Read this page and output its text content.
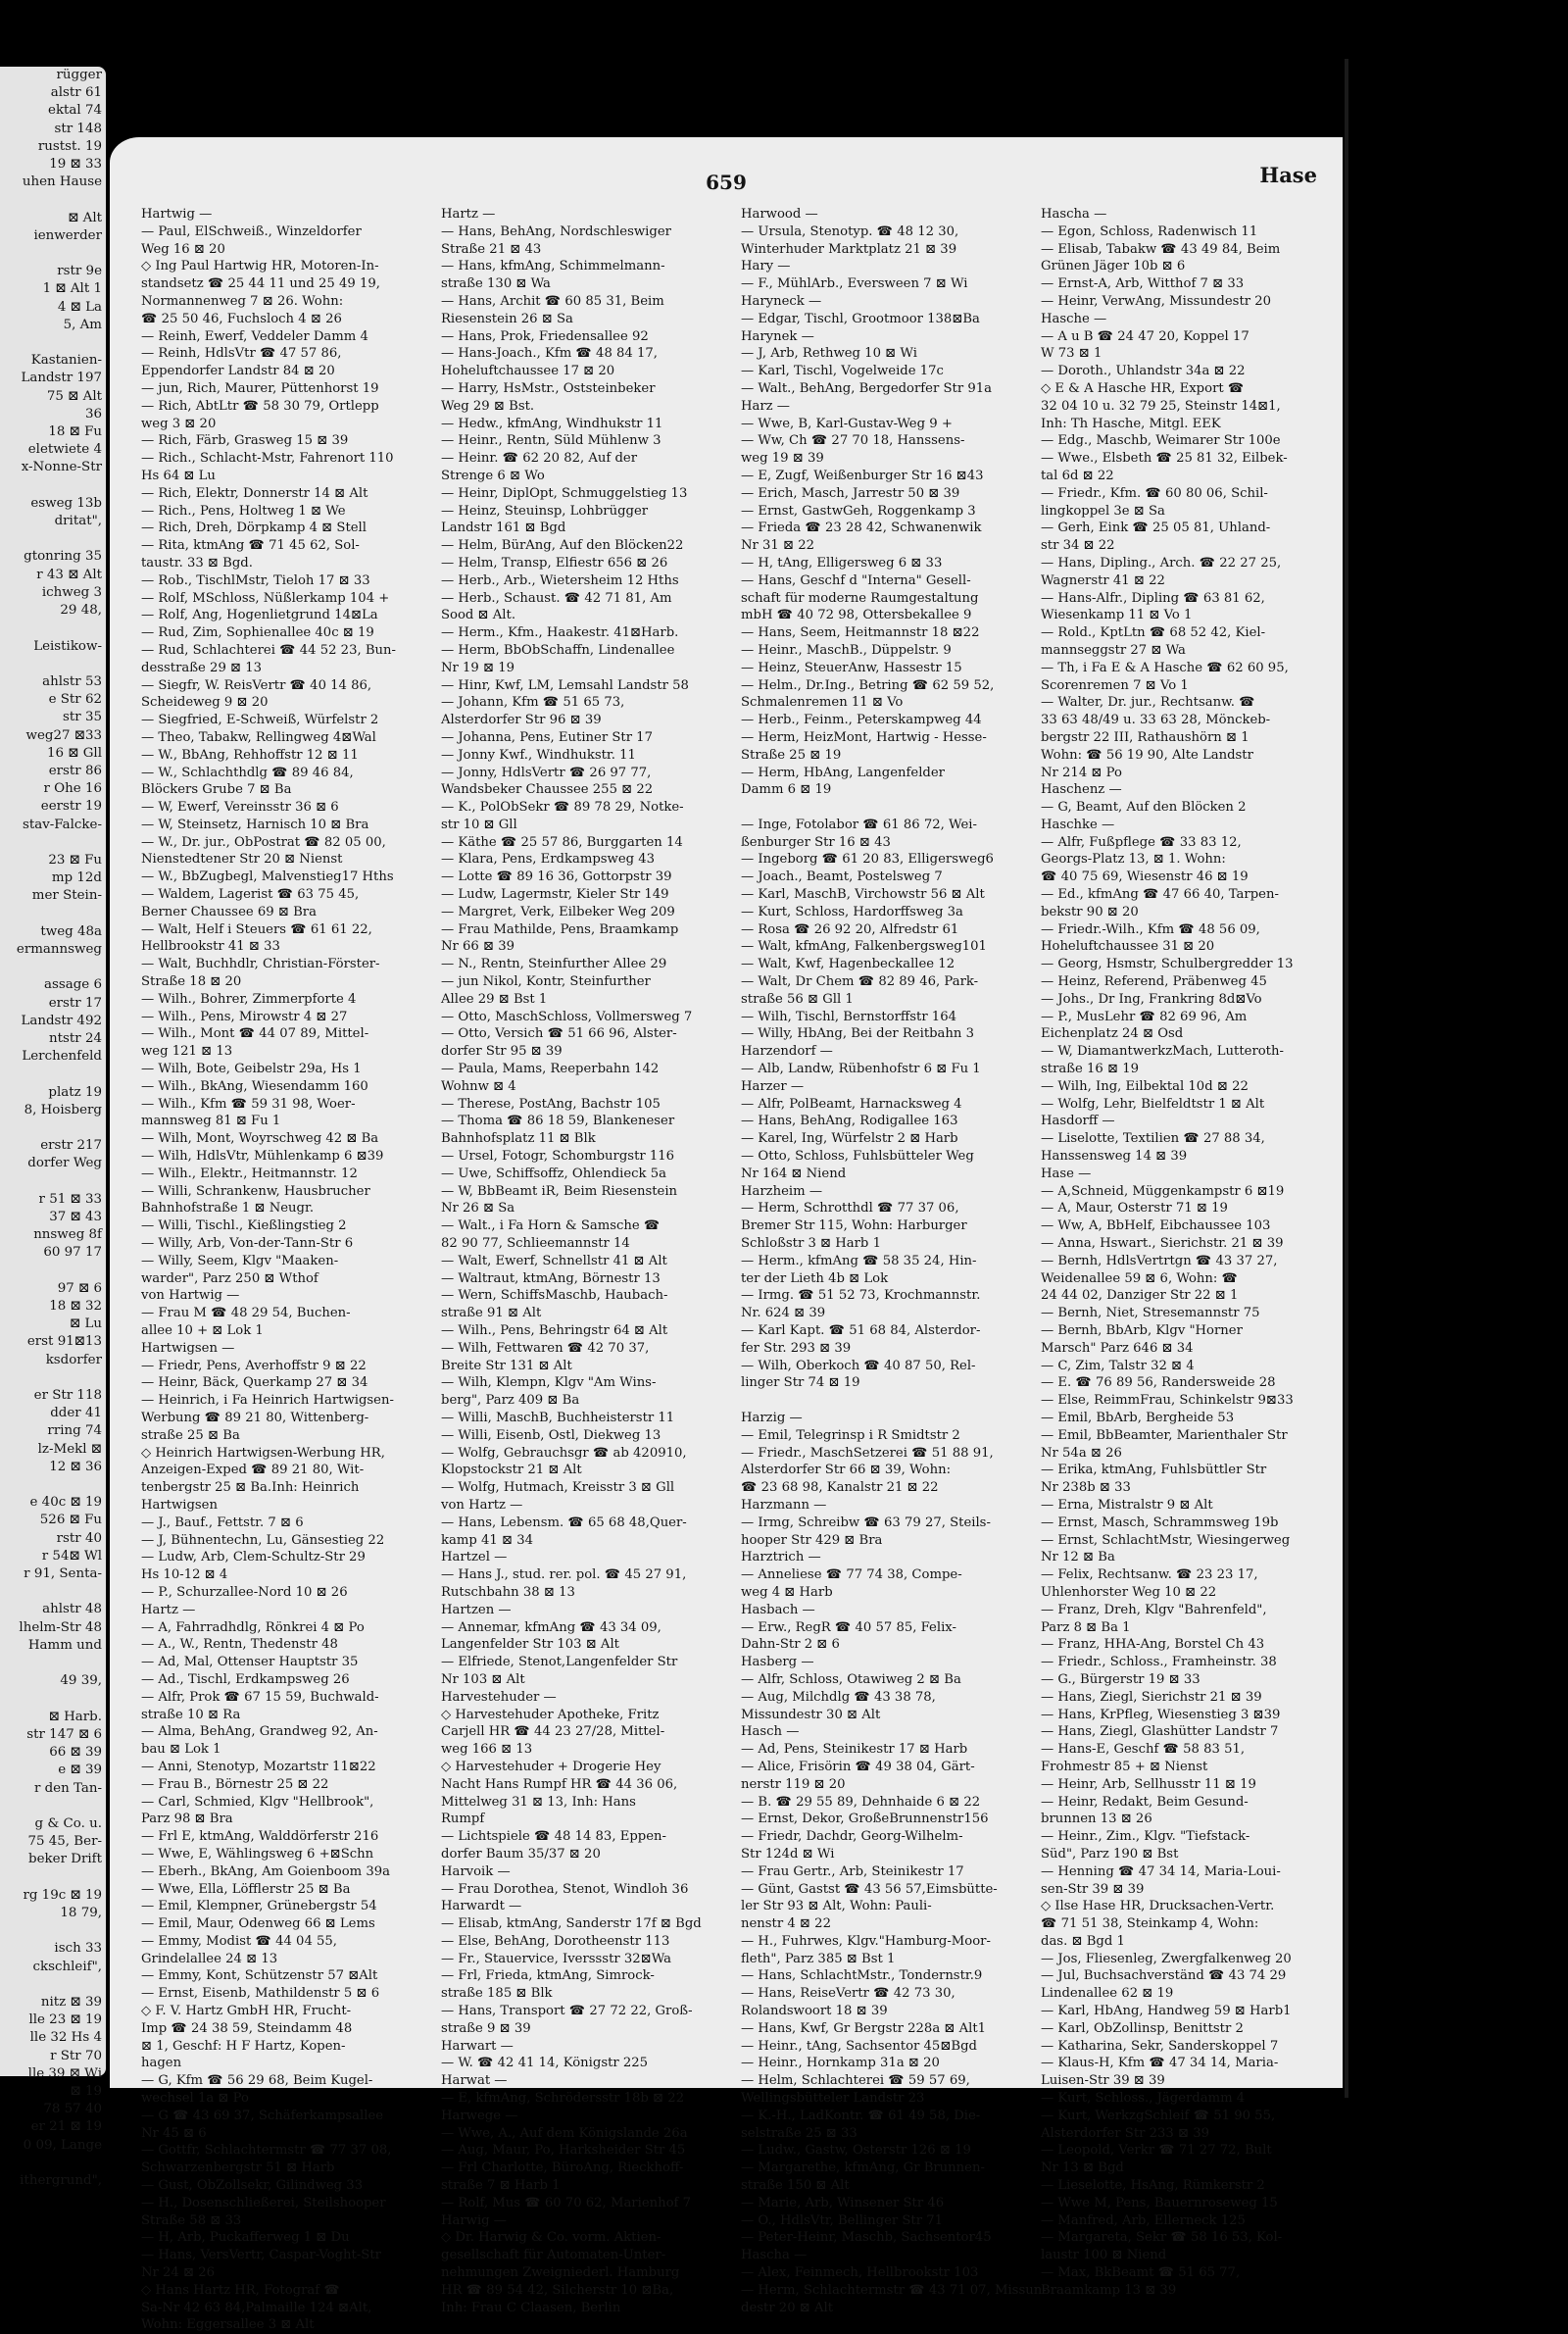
rügger
alstr 61
ektal 74
str 148
rustst. 19
19 ⊠ 33
uhen Hause

⊠ Alt
ienwerder

rstr 9e
1 ⊠ Alt 1
4 ⊠ La
5, Am

Kastanien-
Landstr 197
75 ⊠ Alt
36
18 ⊠ Fu
eletwiete 4
x-Nonne-Str

esweg 13b
dritat",

gtonring 35
r 43 ⊠ Alt
ichweg 3
29 48,

Leistikow-

ahlstr 53
e Str 62
str 35
weg27 ⊠33
16 ⊠ Gll
erstr 86
r Ohe 16
eerstr 19
stav-Falcke-

23 ⊠ Fu
mp 12d
mer Stein-

tweg 48a
ermannsweg

assage 6
erstr 17
Landstr 492
ntstr 24
Lerchenfeld

platz 19
8, Hoisberg

erstr 217
dorfer Weg

r 51 ⊠ 33
37 ⊠ 43
nnsweg 8f
60 97 17

97 ⊠ 6
18 ⊠ 32
⊠ Lu
erst 91⊠13
ksdorfer

er Str 118
dder 41
rring 74
lz-Mekl ⊠
12 ⊠ 36

e 40c ⊠ 19
526 ⊠ Fu
rstr 40
r 54⊠ Wl
r 91, Senta-

ahlstr 48
lhelm-Str 48
Hamm und

49 39,

⊠ Harb.
str 147 ⊠ 6
66 ⊠ 39
e ⊠ 39
r den Tan-

g & Co. u.
75 45, Ber-
beker Drift

rg 19c ⊠ 19
18 79,

isch 33
ckschleif",

nitz ⊠ 39
lle 23 ⊠ 19
lle 32 Hs 4
r Str 70
lle 39 ⊠ Wi
⊠ 19
78 57 40
er 21 ⊠ 19
0 09, Lange

ithergrund",
659	Hase
Hartwig —
— Paul, ElSchweiß., Winzeldorfer
Weg 16 ⊠ 20
◇ Ing Paul Hartwig HR, Motoren-In-
standsetz ☎ 25 44 11 und 25 49 19,
Normannenweg 7 ⊠ 26. Wohn:
☎ 25 50 46, Fuchsloch 4 ⊠ 26
— Reinh, Ewerf, Veddeler Damm 4
— Reinh, HdlsVtr ☎ 47 57 86,
Eppendorfer Landstr 84 ⊠ 20
— jun, Rich, Maurer, Püttenhorst 19
— Rich, AbtLtr ☎ 58 30 79, Ortlepp
weg 3 ⊠ 20
— Rich, Färb, Grasweg 15 ⊠ 39
— Rich., Schlacht-Mstr, Fahrenort 110
Hs 64 ⊠ Lu
— Rich, Elektr, Donnerstr 14 ⊠ Alt
— Rich., Pens, Holtweg 1 ⊠ We
— Rich, Dreh, Dörpkamp 4 ⊠ Stell
— Rita, ktmAng ☎ 71 45 62, Sol-
taustr. 33 ⊠ Bgd.
— Rob., TischlMstr, Tieloh 17 ⊠ 33
— Rolf, MSchloss, Nüßlerkamp 104 +
— Rolf, Ang, Hogenlietgrund 14⊠La
— Rud, Zim, Sophienallee 40c ⊠ 19
— Rud, Schlachterei ☎ 44 52 23, Bun-
desstraße 29 ⊠ 13
— Siegfr, W. ReisVertr ☎ 40 14 86,
Scheideweg 9 ⊠ 20
— Siegfried, E-Schweiß, Würfelstr 2
— Theo, Tabakw, Rellingweg 4⊠Wal
— W., BbAng, Rehhoffstr 12 ⊠ 11
— W., Schlachthdlg ☎ 89 46 84,
Blöckers Grube 7 ⊠ Ba
— W, Ewerf, Vereinsstr 36 ⊠ 6
— W, Steinsetz, Harnisch 10 ⊠ Bra
— W., Dr. jur., ObPostrat ☎ 82 05 00,
Nienstedtener Str 20 ⊠ Nienst
— W., BbZugbegl, Malvenstieg17 Hths
— Waldem, Lagerist ☎ 63 75 45,
Berner Chaussee 69 ⊠ Bra
— Walt, Helf i Steuers ☎ 61 61 22,
Hellbrookstr 41 ⊠ 33
— Walt, Buchhdlr, Christian-Förster-
Straße 18 ⊠ 20
— Wilh., Bohrer, Zimmerpforte 4
— Wilh., Pens, Mirowstr 4 ⊠ 27
— Wilh., Mont ☎ 44 07 89, Mittel-
weg 121 ⊠ 13
— Wilh, Bote, Geibelstr 29a, Hs 1
— Wilh., BkAng, Wiesendamm 160
— Wilh., Kfm ☎ 59 31 98, Woer-
mannsweg 81 ⊠ Fu 1
— Wilh, Mont, Woyrschweg 42 ⊠ Ba
— Wilh, HdlsVtr, Mühlenkamp 6 ⊠39
— Wilh., Elektr., Heitmannstr. 12
— Willi, Schrankenw, Hausbrucher
Bahnhofstraße 1 ⊠ Neugr.
— Willi, Tischl., Kießlingstieg 2
— Willy, Arb, Von-der-Tann-Str 6
— Willy, Seem, Klgv "Maaken-
warder", Parz 250 ⊠ Wthof
von Hartwig —
— Frau M ☎ 48 29 54, Buchen-
allee 10 + ⊠ Lok 1
Hartwigsen —
— Friedr, Pens, Averhoffstr 9 ⊠ 22
— Heinr, Bäck, Querkamp 27 ⊠ 34
— Heinrich, i Fa Heinrich Hartwigsen-
Werbung ☎ 89 21 80, Wittenberg-
straße 25 ⊠ Ba
◇ Heinrich Hartwigsen-Werbung HR,
Anzeigen-Exped ☎ 89 21 80, Wit-
tenbergstr 25 ⊠ Ba.Inh: Heinrich
Hartwigsen
— J., Bauf., Fettstr. 7 ⊠ 6
— J, Bühnentechn, Lu, Gänsestieg 22
— Ludw, Arb, Clem-Schultz-Str 29
Hs 10-12 ⊠ 4
— P., Schurzallee-Nord 10 ⊠ 26
Hartz —
— A, Fahrradhdlg, Rönkrei 4 ⊠ Po
— A., W., Rentn, Thedenstr 48
— Ad, Mal, Ottenser Hauptstr 35
— Ad., Tischl, Erdkampsweg 26
— Alfr, Prok ☎ 67 15 59, Buchwald-
straße 10 ⊠ Ra
— Alma, BehAng, Grandweg 92, An-
bau ⊠ Lok 1
— Anni, Stenotyp, Mozartstr 11⊠22
— Frau B., Börnestr 25 ⊠ 22
— Carl, Schmied, Klgv "Hellbrook",
Parz 98 ⊠ Bra
— Frl E, ktmAng, Walddörferstr 216
— Wwe, E, Wählingsweg 6 +⊠Schn
— Eberh., BkAng, Am Goienboom 39a
— Wwe, Ella, Löfflerstr 25 ⊠ Ba
— Emil, Klempner, Grünebergstr 54
— Emil, Maur, Odenweg 66 ⊠ Lems
— Emmy, Modist ☎ 44 04 55,
Grindelallee 24 ⊠ 13
— Emmy, Kont, Schützenstr 57 ⊠Alt
— Ernst, Eisenb, Mathildenstr 5 ⊠ 6
◇ F. V. Hartz GmbH HR, Frucht-
Imp ☎ 24 38 59, Steindamm 48
⊠ 1, Geschf: H F Hartz, Kopen-
hagen
— G, Kfm ☎ 56 29 68, Beim Kugel-
wechsel 1a ⊠ Po
— G ☎ 43 69 37, Schäferkampsallee
Nr 45 ⊠ 6
— Gottfr, Schlachtermstr ☎ 77 37 08,
Schwarzenbergstr 51 ⊠ Harb
— Gust, ObZollsekr, Gilindweg 33
— H., Dosenschließerei, Steilshooper
Straße 58 ⊠ 33
— H, Arb, Puckafferweg 1 ⊠ Du
— Hans, VersVertr, Caspar-Voght-Str
Nr 24 ⊠ 26
◇ Hans Hartz HR, Fotograf ☎
Sa-Nr 42 63 84,Palmaille 124 ⊠Alt,
Wohn: Eggersallee 3 ⊠ Alt
Hartz —
— Hans, BehAng, Nordschleswiger
Straße 21 ⊠ 43
— Hans, kfmAng, Schimmelmann-
straße 130 ⊠ Wa
— Hans, Archit ☎ 60 85 31, Beim
Riesenstein 26 ⊠ Sa
— Hans, Prok, Friedensallee 92
— Hans-Joach., Kfm ☎ 48 84 17,
Hoheluftchaussee 17 ⊠ 20
— Harry, HsMstr., Oststeinbeker
Weg 29 ⊠ Bst.
— Hedw., kfmAng, Windhukstr 11
— Heinr., Rentn, Süld Mühlenw 3
— Heinr. ☎ 62 20 82, Auf der
Strenge 6 ⊠ Wo
— Heinr, DiplOpt, Schmuggelstieg 13
— Heinz, Steuinsp, Lohbrügger
Landstr 161 ⊠ Bgd
— Helm, BürAng, Auf den Blöcken22
— Helm, Transp, Elfiestr 656 ⊠ 26
— Herb., Arb., Wietersheim 12 Hths
— Herb., Schaust. ☎ 42 71 81, Am
Sood ⊠ Alt.
— Herm., Kfm., Haakestr. 41⊠Harb.
— Herm, BbObSchaffn, Lindenallee
Nr 19 ⊠ 19
— Hinr, Kwf, LM, Lemsahl Landstr 58
— Johann, Kfm ☎ 51 65 73,
Alsterdorfer Str 96 ⊠ 39
— Johanna, Pens, Eutiner Str 17
— Jonny Kwf., Windhukstr. 11
— Jonny, HdlsVertr ☎ 26 97 77,
Wandsbeker Chaussee 255 ⊠ 22
— K., PolObSekr ☎ 89 78 29, Notke-
str 10 ⊠ Gll
— Käthe ☎ 25 57 86, Burggarten 14
— Klara, Pens, Erdkampsweg 43
— Lotte ☎ 89 16 36, Gottorpstr 39
— Ludw, Lagermstr, Kieler Str 149
— Margret, Verk, Eilbeker Weg 209
— Frau Mathilde, Pens, Braamkamp
Nr 66 ⊠ 39
— N., Rentn, Steinfurther Allee 29
— jun Nikol, Kontr, Steinfurther
Allee 29 ⊠ Bst 1
— Otto, MaschSchloss, Vollmersweg 7
— Otto, Versich ☎ 51 66 96, Alster-
dorfer Str 95 ⊠ 39
— Paula, Mams, Reeperbahn 142
Wohnw ⊠ 4
— Therese, PostAng, Bachstr 105
— Thoma ☎ 86 18 59, Blankeneser
Bahnhofsplatz 11 ⊠ Blk
— Ursel, Fotogr, Schomburgstr 116
— Uwe, Schiffsoffz, Ohlendieck 5a
— W, BbBeamt iR, Beim Riesenstein
Nr 26 ⊠ Sa
— Walt., i Fa Horn & Samsche ☎
82 90 77, Schlieemannstr 14
— Walt, Ewerf, Schnellstr 41 ⊠ Alt
— Waltraut, ktmAng, Börnestr 13
— Wern, SchiffsMaschb, Haubach-
straße 91 ⊠ Alt
— Wilh., Pens, Behringstr 64 ⊠ Alt
— Wilh, Fettwaren ☎ 42 70 37,
Breite Str 131 ⊠ Alt
— Wilh, Klempn, Klgv "Am Wins-
berg", Parz 409 ⊠ Ba
— Willi, MaschB, Buchheisterstr 11
— Willi, Eisenb, Ostl, Diekweg 13
— Wolfg, Gebrauchsgr ☎ ab 420910,
Klopstockstr 21 ⊠ Alt
— Wolfg, Hutmach, Kreisstr 3 ⊠ Gll
von Hartz —
— Hans, Lebensm. ☎ 65 68 48,Quer-
kamp 41 ⊠ 34
Hartzel —
— Hans J., stud. rer. pol. ☎ 45 27 91,
Rutschbahn 38 ⊠ 13
Hartzen —
— Annemar, kfmAng ☎ 43 34 09,
Langenfelder Str 103 ⊠ Alt
— Elfriede, Stenot,Langenfelder Str
Nr 103 ⊠ Alt
Harvestehuder —
◇ Harvestehuder Apotheke, Fritz
Carjell HR ☎ 44 23 27/28, Mittel-
weg 166 ⊠ 13
◇ Harvestehuder + Drogerie Hey
Nacht Hans Rumpf HR ☎ 44 36 06,
Mittelweg 31 ⊠ 13, Inh: Hans
Rumpf
— Lichtspiele ☎ 48 14 83, Eppen-
dorfer Baum 35/37 ⊠ 20
Harvoik —
— Frau Dorothea, Stenot, Windloh 36
Harwardt —
— Elisab, ktmAng, Sanderstr 17f ⊠ Bgd
— Else, BehAng, Dorotheenstr 113
— Fr., Stauervice, Iverssstr 32⊠Wa
— Frl, Frieda, ktmAng, Simrock-
straße 185 ⊠ Blk
— Hans, Transport ☎ 27 72 22, Groß-
straße 9 ⊠ 39
Harwart —
— W. ☎ 42 41 14, Königstr 225
Harwat —
— E, kfmAng, Schrödersstr 18b ⊠ 22
Harwege —
— Wwe, A., Auf dem Königslande 26a
— Aug, Maur, Po, Harksheider Str 45
— Frl Charlotte, BüroAng, Rieckhoff-
straße 7 ⊠ Harb 1
— Rolf, Mus ☎ 60 70 62, Marienhof 7
Harwig —
◇ Dr. Harwig & Co. vorm. Aktien-
gesellschaft für Automaten-Unter-
nehmungen Zweigniederl. Hamburg
HR ☎ 89 54 42, Silcherstr 10 ⊠Ba,
Inh: Frau C Claasen, Berlin
Harwood —
— Ursula, Stenotyp. ☎ 48 12 30,
Winterhuder Marktplatz 21 ⊠ 39
Hary —
— F., MühlArb., Eversween 7 ⊠ Wi
Haryneck —
— Edgar, Tischl, Grootmoor 138⊠Ba
Harynek —
— J, Arb, Rethweg 10 ⊠ Wi
— Karl, Tischl, Vogelweide 17c
— Walt., BehAng, Bergedorfer Str 91a
Harz —
— Wwe, B, Karl-Gustav-Weg 9 +
— Ww, Ch ☎ 27 70 18, Hanssens-
weg 19 ⊠ 39
— E, Zugf, Weißenburger Str 16 ⊠43
— Erich, Masch, Jarrestr 50 ⊠ 39
— Ernst, GastwGeh, Roggenkamp 3
— Frieda ☎ 23 28 42, Schwanenwik
Nr 31 ⊠ 22
— H, tAng, Elligersweg 6 ⊠ 33
— Hans, Geschf d "Interna" Gesell-
schaft für moderne Raumgestaltung
mbH ☎ 40 72 98, Ottersbekallee 9
— Hans, Seem, Heitmannstr 18 ⊠22
— Heinr., MaschB., Düppelstr. 9
— Heinz, SteuerAnw, Hassestr 15
— Helm., Dr.Ing., Betring ☎ 62 59 52,
Schmalenremen 11 ⊠ Vo
— Herb., Feinm., Peterskampweg 44
— Herm, HeizMont, Hartwig - Hesse-
Straße 25 ⊠ 19
— Herm, HbAng, Langenfelder
Damm 6 ⊠ 19

— Inge, Fotolabor ☎ 61 86 72, Wei-
ßenburger Str 16 ⊠ 43
— Ingeborg ☎ 61 20 83, Elligersweg6
— Joach., Beamt, Postelsweg 7
— Karl, MaschB, Virchowstr 56 ⊠ Alt
— Kurt, Schloss, Hardorffsweg 3a
— Rosa ☎ 26 92 20, Alfredstr 61
— Walt, kfmAng, Falkenbergsweg101
— Walt, Kwf, Hagenbeckallee 12
— Walt, Dr Chem ☎ 82 89 46, Park-
straße 56 ⊠ Gll 1
— Wilh, Tischl, Bernstorffstr 164
— Willy, HbAng, Bei der Reitbahn 3
Harzendorf —
— Alb, Landw, Rübenhofstr 6 ⊠ Fu 1
Harzer —
— Alfr, PolBeamt, Harnacksweg 4
— Hans, BehAng, Rodigallee 163
— Karel, Ing, Würfelstr 2 ⊠ Harb
— Otto, Schloss, Fuhlsbütteler Weg
Nr 164 ⊠ Niend
Harzheim —
— Herm, Schrotthdl ☎ 77 37 06,
Bremer Str 115, Wohn: Harburger
Schloßstr 3 ⊠ Harb 1
— Herm., kfmAng ☎ 58 35 24, Hin-
ter der Lieth 4b ⊠ Lok
— Irmg. ☎ 51 52 73, Krochmannstr.
Nr. 624 ⊠ 39
— Karl Kapt. ☎ 51 68 84, Alsterdor-
fer Str. 293 ⊠ 39
— Wilh, Oberkoch ☎ 40 87 50, Rel-
linger Str 74 ⊠ 19

Harzig —
— Emil, Telegrinsp i R Smidtstr 2
— Friedr., MaschSetzerei ☎ 51 88 91,
Alsterdorfer Str 66 ⊠ 39, Wohn:
☎ 23 68 98, Kanalstr 21 ⊠ 22
Harzmann —
— Irmg, Schreibw ☎ 63 79 27, Steils-
hooper Str 429 ⊠ Bra
Harztrich —
— Anneliese ☎ 77 74 38, Compe-
weg 4 ⊠ Harb
Hasbach —
— Erw., RegR ☎ 40 57 85, Felix-
Dahn-Str 2 ⊠ 6
Hasberg —
— Alfr, Schloss, Otawiweg 2 ⊠ Ba
— Aug, Milchdlg ☎ 43 38 78,
Missundestr 30 ⊠ Alt
Hasch —
— Ad, Pens, Steinikestr 17 ⊠ Harb
— Alice, Frisörin ☎ 49 38 04, Gärt-
nerstr 119 ⊠ 20
— B. ☎ 29 55 89, Dehnhaide 6 ⊠ 22
— Ernst, Dekor, GroßeBrunnenstr156
— Friedr, Dachdr, Georg-Wilhelm-
Str 124d ⊠ Wi
— Frau Gertr., Arb, Steinikestr 17
— Günt, Gastst ☎ 43 56 57,Eimsbütte-
ler Str 93 ⊠ Alt, Wohn: Pauli-
nenstr 4 ⊠ 22
— H., Fuhrwes, Klgv."Hamburg-Moor-
fleth", Parz 385 ⊠ Bst 1
— Hans, SchlachtMstr., Tondernstr.9
— Hans, ReiseVertr ☎ 42 73 30,
Rolandswoort 18 ⊠ 39
— Hans, Kwf, Gr Bergstr 228a ⊠ Alt1
— Heinr., tAng, Sachsentor 45⊠Bgd
— Heinr., Hornkamp 31a ⊠ 20
— Helm, Schlachterei ☎ 59 57 69,
Wellingsbütteler Landstr 23
— K.-H., LadKontr. ☎ 61 49 58, Die-
selstraße 25 ⊠ 33
— Ludw., Gastw, Osterstr 126 ⊠ 19
— Margarethe, kfmAng, Gr Brunnen-
straße 150 ⊠ Alt
— Marie, Arb, Winsener Str 46
— O., HdlsVtr, Bellinger Str 71
— Peter-Heinr, Maschb, Sachsentor45
Hascha —
— Alex, Feinmech, Hellbrookstr 103
— Herm, Schlachtermstr ☎ 43 71 07, Missun-
destr 20 ⊠ Alt
Hascha —
— Egon, Schloss, Radenwisch 11
— Elisab, Tabakw ☎ 43 49 84, Beim
Grünen Jäger 10b ⊠ 6
— Ernst-A, Arb, Witthof 7 ⊠ 33
— Heinr, VerwAng, Missundestr 20
Hasche —
— A u B ☎ 24 47 20, Koppel 17
W 73 ⊠ 1
— Doroth., Uhlandstr 34a ⊠ 22
◇ E & A Hasche HR, Export ☎
32 04 10 u. 32 79 25, Steinstr 14⊠1,
Inh: Th Hasche, Mitgl. EEK
— Edg., Maschb, Weimarer Str 100e
— Wwe., Elsbeth ☎ 25 81 32, Eilbek-
tal 6d ⊠ 22
— Friedr., Kfm. ☎ 60 80 06, Schil-
lingkoppel 3e ⊠ Sa
— Gerh, Eink ☎ 25 05 81, Uhland-
str 34 ⊠ 22
— Hans, Dipling., Arch. ☎ 22 27 25,
Wagnerstr 41 ⊠ 22
— Hans-Alfr., Dipling ☎ 63 81 62,
Wiesenkamp 11 ⊠ Vo 1
— Rold., KptLtn ☎ 68 52 42, Kiel-
mannseggstr 27 ⊠ Wa
— Th, i Fa E & A Hasche ☎ 62 60 95,
Scorenremen 7 ⊠ Vo 1
— Walter, Dr. jur., Rechtsanw. ☎
33 63 48/49 u. 33 63 28, Mönckeb-
bergstr 22 III, Rathaushörn ⊠ 1
Wohn: ☎ 56 19 90, Alte Landstr
Nr 214 ⊠ Po
Haschenz —
— G, Beamt, Auf den Blöcken 2
Haschke —
— Alfr, Fußpflege ☎ 33 83 12,
Georgs-Platz 13, ⊠ 1. Wohn:
☎ 40 75 69, Wiesenstr 46 ⊠ 19
— Ed., kfmAng ☎ 47 66 40, Tarpen-
bekstr 90 ⊠ 20
— Friedr.-Wilh., Kfm ☎ 48 56 09,
Hoheluftchaussee 31 ⊠ 20
— Georg, Hsmstr, Schulbergredder 13
— Heinz, Referend, Präbenweg 45
— Johs., Dr Ing, Frankring 8d⊠Vo
— P., MusLehr ☎ 82 69 96, Am
Eichenplatz 24 ⊠ Osd
— W, DiamantwerkzMach, Lutteroth-
straße 16 ⊠ 19
— Wilh, Ing, Eilbektal 10d ⊠ 22
— Wolfg, Lehr, Bielfeldtstr 1 ⊠ Alt
Hasdorff —
— Liselotte, Textilien ☎ 27 88 34,
Hanssensweg 14 ⊠ 39
Hase —
— A,Schneid, Müggenkampstr 6 ⊠19
— A, Maur, Osterstr 71 ⊠ 19
— Ww, A, BbHelf, Eibchaussee 103
— Anna, Hswart., Sierichstr. 21 ⊠ 39
— Bernh, HdlsVertrtgn ☎ 43 37 27,
Weidenallee 59 ⊠ 6, Wohn: ☎
24 44 02, Danziger Str 22 ⊠ 1
— Bernh, Niet, Stresemannstr 75
— Bernh, BbArb, Klgv "Horner
Marsch" Parz 646 ⊠ 34
— C, Zim, Talstr 32 ⊠ 4
— E. ☎ 76 89 56, Randersweide 28
— Else, ReimmFrau, Schinkelstr 9⊠33
— Emil, BbArb, Bergheide 53
— Emil, BbBeamter, Marienthaler Str
Nr 54a ⊠ 26
— Erika, ktmAng, Fuhlsbüttler Str
Nr 238b ⊠ 33
— Erna, Mistralstr 9 ⊠ Alt
— Ernst, Masch, Schrammsweg 19b
— Ernst, SchlachtMstr, Wiesingerweg
Nr 12 ⊠ Ba
— Felix, Rechtsanw. ☎ 23 23 17,
Uhlenhorster Weg 10 ⊠ 22
— Franz, Dreh, Klgv "Bahrenfeld",
Parz 8 ⊠ Ba 1
— Franz, HHA-Ang, Borstel Ch 43
— Friedr., Schloss., Framheinstr. 38
— G., Bürgerstr 19 ⊠ 33
— Hans, Ziegl, Sierichstr 21 ⊠ 39
— Hans, KrPfleg, Wiesenstieg 3 ⊠39
— Hans, Ziegl, Glashütter Landstr 7
— Hans-E, Geschf ☎ 58 83 51,
Frohmestr 85 + ⊠ Nienst
— Heinr, Arb, Sellhusstr 11 ⊠ 19
— Heinr, Redakt, Beim Gesund-
brunnen 13 ⊠ 26
— Heinr., Zim., Klgv. "Tiefstack-
Süd", Parz 190 ⊠ Bst
— Henning ☎ 47 34 14, Maria-Loui-
sen-Str 39 ⊠ 39
◇ Ilse Hase HR, Drucksachen-Vertr.
☎ 71 51 38, Steinkamp 4, Wohn:
das. ⊠ Bgd 1
— Jos, Fliesenleg, Zwergfalkenweg 20
— Jul, Buchsachverständ ☎ 43 74 29
Lindenallee 62 ⊠ 19
— Karl, HbAng, Handweg 59 ⊠ Harb1
— Karl, ObZollinsp, Benittstr 2
— Katharina, Sekr, Sanderskoppel 7
— Klaus-H, Kfm ☎ 47 34 14, Maria-
Luisen-Str 39 ⊠ 39
— Kurt, Schloss., Jägerdamm 4
— Kurt, WerkzgSchleif ☎ 51 90 55,
Alsterdorfer Str 233 ⊠ 39
— Leopold, Verkr ☎ 71 27 72, Bult
Nr 13 ⊠ Bgd
— Lieselotte, HsAng, Rümkerstr 2
— Wwe M, Pens, Bauernroseweg 15
— Manfred, Arb, Ellerneck 125
— Margareta, Sekr ☎ 58 16 53, Kol-
laustr 100 ⊠ Niend
— Max, BkBeamt ☎ 51 65 77,
Braamkamp 13 ⊠ 39
